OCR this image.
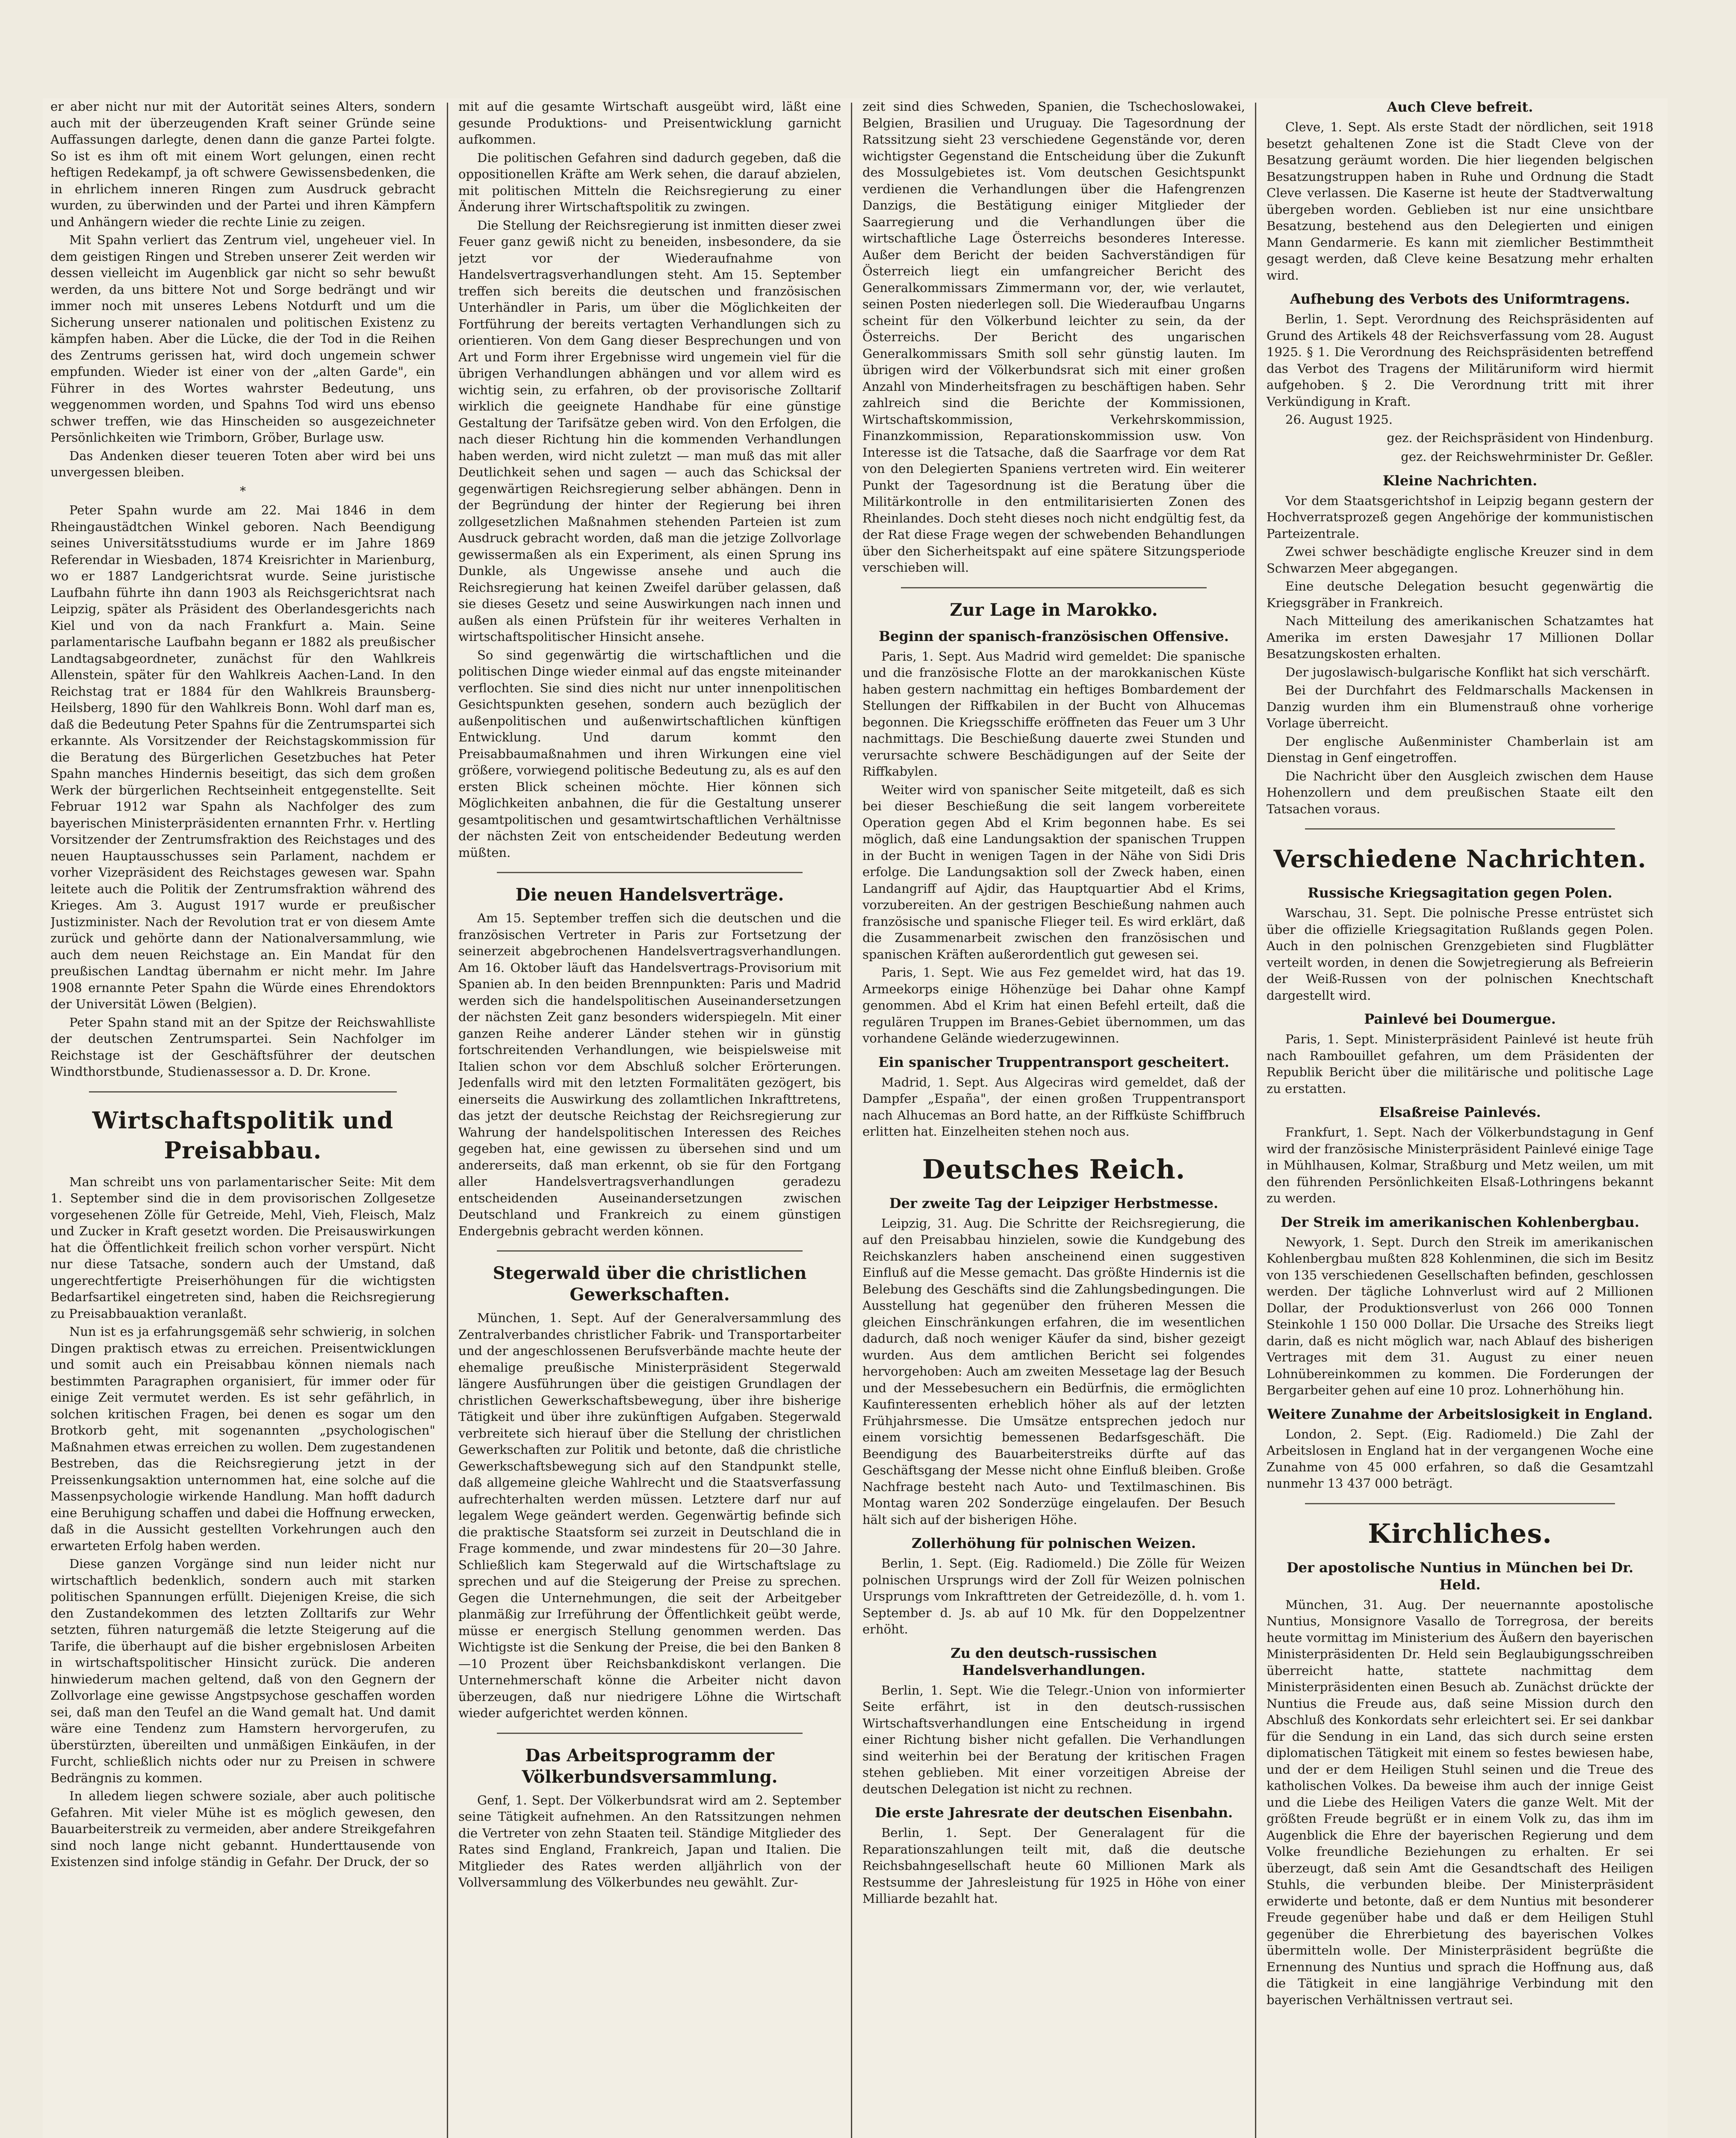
er aber nicht nur mit der Autorität seines Alters, sondern auch mit der überzeugenden Kraft seiner Gründe seine Auffassungen darlegte, denen dann die ganze Partei folgte. So ist es ihm oft mit einem Wort gelungen, einen recht heftigen Redekampf, ja oft schwere Gewissensbedenken, die in ehrlichem inneren Ringen zum Ausdruck gebracht wurden, zu überwinden und der Partei und ihren Kämpfern und Anhängern wieder die rechte Linie zu zeigen.

Mit Spahn verliert das Zentrum viel, ungeheuer viel. In dem geistigen Ringen und Streben unserer Zeit werden wir dessen vielleicht im Augenblick gar nicht so sehr bewußt werden, da uns bittere Not und Sorge bedrängt und wir immer noch mit unseres Lebens Notdurft und um die Sicherung unserer nationalen und politischen Existenz zu kämpfen haben. Aber die Lücke, die der Tod in die Reihen des Zentrums gerissen hat, wird doch ungemein schwer empfunden. Wieder ist einer von der „alten Garde", ein Führer in des Wortes wahrster Bedeutung, uns weggenommen worden, und Spahns Tod wird uns ebenso schwer treffen, wie das Hinscheiden so ausgezeichneter Persönlichkeiten wie Trimborn, Gröber, Burlage usw.

Das Andenken dieser teueren Toten aber wird bei uns unvergessen bleiben.

*

Peter Spahn wurde am 22. Mai 1846 in dem Rheingaustädtchen Winkel geboren. Nach Beendigung seines Universitätsstudiums wurde er im Jahre 1869 Referendar in Wiesbaden, 1874 Kreisrichter in Marienburg, wo er 1887 Landgerichtsrat wurde. Seine juristische Laufbahn führte ihn dann 1903 als Reichsgerichtsrat nach Leipzig, später als Präsident des Oberlandesgerichts nach Kiel und von da nach Frankfurt a. Main. Seine parlamentarische Laufbahn begann er 1882 als preußischer Landtagsabgeordneter, zunächst für den Wahlkreis Allenstein, später für den Wahlkreis Aachen-Land. In den Reichstag trat er 1884 für den Wahlkreis Braunsberg-Heilsberg, 1890 für den Wahlkreis Bonn. Wohl darf man es, daß die Bedeutung Peter Spahns für die Zentrumspartei sich erkannte. Als Vorsitzender der Reichstagskommission für die Beratung des Bürgerlichen Gesetzbuches hat Peter Spahn manches Hindernis beseitigt, das sich dem großen Werk der bürgerlichen Rechtseinheit entgegenstellte. Seit Februar 1912 war Spahn als Nachfolger des zum bayerischen Ministerpräsidenten ernannten Frhr. v. Hertling Vorsitzender der Zentrumsfraktion des Reichstages und des neuen Hauptausschusses sein Parlament, nachdem er vorher Vizepräsident des Reichstages gewesen war. Spahn leitete auch die Politik der Zentrumsfraktion während des Krieges. Am 3. August 1917 wurde er preußischer Justizminister. Nach der Revolution trat er von diesem Amte zurück und gehörte dann der Nationalversammlung, wie auch dem neuen Reichstage an. Ein Mandat für den preußischen Landtag übernahm er nicht mehr. Im Jahre 1908 ernannte Peter Spahn die Würde eines Ehrendoktors der Universität Löwen (Belgien).

Peter Spahn stand mit an der Spitze der Reichswahlliste der deutschen Zentrumspartei. Sein Nachfolger im Reichstage ist der Geschäftsführer der deutschen Windthorstbunde, Studienassessor a. D. Dr. Krone.

Wirtschaftspolitik und Preisabbau.

Man schreibt uns von parlamentarischer Seite: Mit dem 1. September sind die in dem provisorischen Zollgesetze vorgesehenen Zölle für Getreide, Mehl, Vieh, Fleisch, Malz und Zucker in Kraft gesetzt worden. Die Preisauswirkungen hat die Öffentlichkeit freilich schon vorher verspürt. Nicht nur diese Tatsache, sondern auch der Umstand, daß ungerechtfertigte Preiserhöhungen für die wichtigsten Bedarfsartikel eingetreten sind, haben die Reichsregierung zu Preisabbauaktion veranlaßt.

Nun ist es ja erfahrungsgemäß sehr schwierig, in solchen Dingen praktisch etwas zu erreichen. Preisentwicklungen und somit auch ein Preisabbau können niemals nach bestimmten Paragraphen organisiert, für immer oder für einige Zeit vermutet werden. Es ist sehr gefährlich, in solchen kritischen Fragen, bei denen es sogar um den Brotkorb geht, mit sogenannten „psychologischen" Maßnahmen etwas erreichen zu wollen. Dem zugestandenen Bestreben, das die Reichsregierung jetzt in der Preissenkungsaktion unternommen hat, eine solche auf die Massenpsychologie wirkende Handlung. Man hofft dadurch eine Beruhigung schaffen und dabei die Hoffnung erwecken, daß in die Aussicht gestellten Vorkehrungen auch den erwarteten Erfolg haben werden.

Diese ganzen Vorgänge sind nun leider nicht nur wirtschaftlich bedenklich, sondern auch mit starken politischen Spannungen erfüllt. Diejenigen Kreise, die sich den Zustandekommen des letzten Zolltarifs zur Wehr setzten, führen naturgemäß die letzte Steigerung auf die Tarife, die überhaupt auf die bisher ergebnislosen Arbeiten in wirtschaftspolitischer Hinsicht zurück. Die anderen hinwiederum machen geltend, daß von den Gegnern der Zollvorlage eine gewisse Angstpsychose geschaffen worden sei, daß man den Teufel an die Wand gemalt hat. Und damit wäre eine Tendenz zum Hamstern hervorgerufen, zu überstürzten, übereilten und unmäßigen Einkäufen, in der Furcht, schließlich nichts oder nur zu Preisen in schwere Bedrängnis zu kommen.

In alledem liegen schwere soziale, aber auch politische Gefahren. Mit vieler Mühe ist es möglich gewesen, den Bauarbeiterstreik zu vermeiden, aber andere Streikgefahren sind noch lange nicht gebannt. Hunderttausende von Existenzen sind infolge ständig in Gefahr. Der Druck, der so

mit auf die gesamte Wirtschaft ausgeübt wird, läßt eine gesunde Produktions- und Preisentwicklung garnicht aufkommen.

Die politischen Gefahren sind dadurch gegeben, daß die oppositionellen Kräfte am Werk sehen, die darauf abzielen, mit politischen Mitteln die Reichsregierung zu einer Änderung ihrer Wirtschaftspolitik zu zwingen.

Die Stellung der Reichsregierung ist inmitten dieser zwei Feuer ganz gewiß nicht zu beneiden, insbesondere, da sie jetzt vor der Wiederaufnahme von Handelsvertragsverhandlungen steht. Am 15. September treffen sich bereits die deutschen und französischen Unterhändler in Paris, um über die Möglichkeiten der Fortführung der bereits vertagten Verhandlungen sich zu orientieren. Von dem Gang dieser Besprechungen und von Art und Form ihrer Ergebnisse wird ungemein viel für die übrigen Verhandlungen abhängen und vor allem wird es wichtig sein, zu erfahren, ob der provisorische Zolltarif wirklich die geeignete Handhabe für eine günstige Gestaltung der Tarifsätze geben wird. Von den Erfolgen, die nach dieser Richtung hin die kommenden Verhandlungen haben werden, wird nicht zuletzt — man muß das mit aller Deutlichkeit sehen und sagen — auch das Schicksal der gegenwärtigen Reichsregierung selber abhängen. Denn in der Begründung der hinter der Regierung bei ihren zollgesetzlichen Maßnahmen stehenden Parteien ist zum Ausdruck gebracht worden, daß man die jetzige Zollvorlage gewissermaßen als ein Experiment, als einen Sprung ins Dunkle, als Ungewisse ansehe und auch die Reichsregierung hat keinen Zweifel darüber gelassen, daß sie dieses Gesetz und seine Auswirkungen nach innen und außen als einen Prüfstein für ihr weiteres Verhalten in wirtschaftspolitischer Hinsicht ansehe.

So sind gegenwärtig die wirtschaftlichen und die politischen Dinge wieder einmal auf das engste miteinander verflochten. Sie sind dies nicht nur unter innenpolitischen Gesichtspunkten gesehen, sondern auch bezüglich der außenpolitischen und außenwirtschaftlichen künftigen Entwicklung. Und darum kommt den Preisabbaumaßnahmen und ihren Wirkungen eine viel größere, vorwiegend politische Bedeutung zu, als es auf den ersten Blick scheinen möchte. Hier können sich Möglichkeiten anbahnen, die für die Gestaltung unserer gesamtpolitischen und gesamtwirtschaftlichen Verhältnisse der nächsten Zeit von entscheidender Bedeutung werden müßten.

Die neuen Handelsverträge.

Am 15. September treffen sich die deutschen und die französischen Vertreter in Paris zur Fortsetzung der seinerzeit abgebrochenen Handelsvertragsverhandlungen. Am 16. Oktober läuft das Handelsvertrags-Provisorium mit Spanien ab. In den beiden Brennpunkten: Paris und Madrid werden sich die handelspolitischen Auseinandersetzungen der nächsten Zeit ganz besonders widerspiegeln. Mit einer ganzen Reihe anderer Länder stehen wir in günstig fortschreitenden Verhandlungen, wie beispielsweise mit Italien schon vor dem Abschluß solcher Erörterungen. Jedenfalls wird mit den letzten Formalitäten gezögert, bis einerseits die Auswirkung des zollamtlichen Inkrafttretens, das jetzt der deutsche Reichstag der Reichsregierung zur Wahrung der handelspolitischen Interessen des Reiches gegeben hat, eine gewissen zu übersehen sind und um andererseits, daß man erkennt, ob sie für den Fortgang aller Handelsvertragsverhandlungen geradezu entscheidenden Auseinandersetzungen zwischen Deutschland und Frankreich zu einem günstigen Endergebnis gebracht werden können.

Stegerwald über die christlichen Gewerkschaften.

München, 1. Sept. Auf der Generalversammlung des Zentralverbandes christlicher Fabrik- und Transportarbeiter und der angeschlossenen Berufsverbände machte heute der ehemalige preußische Ministerpräsident Stegerwald längere Ausführungen über die geistigen Grundlagen der christlichen Gewerkschaftsbewegung, über ihre bisherige Tätigkeit und über ihre zukünftigen Aufgaben. Stegerwald verbreitete sich hierauf über die Stellung der christlichen Gewerkschaften zur Politik und betonte, daß die christliche Gewerkschaftsbewegung sich auf den Standpunkt stelle, daß allgemeine gleiche Wahlrecht und die Staatsverfassung aufrechterhalten werden müssen. Letztere darf nur auf legalem Wege geändert werden. Gegenwärtig befinde sich die praktische Staatsform sei zurzeit in Deutschland die in Frage kommende, und zwar mindestens für 20—30 Jahre. Schließlich kam Stegerwald auf die Wirtschaftslage zu sprechen und auf die Steigerung der Preise zu sprechen. Gegen die Unternehmungen, die seit der Arbeitgeber planmäßig zur Irreführung der Öffentlichkeit geübt werde, müsse er energisch Stellung genommen werden. Das Wichtigste ist die Senkung der Preise, die bei den Banken 8—10 Prozent über Reichsbankdiskont verlangen. Die Unternehmerschaft könne die Arbeiter nicht davon überzeugen, daß nur niedrigere Löhne die Wirtschaft wieder aufgerichtet werden können.

Das Arbeitsprogramm der Völkerbundsversammlung.

Genf, 1. Sept. Der Völkerbundsrat wird am 2. September seine Tätigkeit aufnehmen. An den Ratssitzungen nehmen die Vertreter von zehn Staaten teil. Ständige Mitglieder des Rates sind England, Frankreich, Japan und Italien. Die Mitglieder des Rates werden alljährlich von der Vollversammlung des Völkerbundes neu gewählt. Zur-

zeit sind dies Schweden, Spanien, die Tschechoslowakei, Belgien, Brasilien und Uruguay. Die Tagesordnung der Ratssitzung sieht 23 verschiedene Gegenstände vor, deren wichtigster Gegenstand die Entscheidung über die Zukunft des Mossulgebietes ist. Vom deutschen Gesichtspunkt verdienen die Verhandlungen über die Hafengrenzen Danzigs, die Bestätigung einiger Mitglieder der Saarregierung und die Verhandlungen über die wirtschaftliche Lage Österreichs besonderes Interesse. Außer dem Bericht der beiden Sachverständigen für Österreich liegt ein umfangreicher Bericht des Generalkommissars Zimmermann vor, der, wie verlautet, seinen Posten niederlegen soll. Die Wiederaufbau Ungarns scheint für den Völkerbund leichter zu sein, da der Österreichs. Der Bericht des ungarischen Generalkommissars Smith soll sehr günstig lauten. Im übrigen wird der Völkerbundsrat sich mit einer großen Anzahl von Minderheitsfragen zu beschäftigen haben. Sehr zahlreich sind die Berichte der Kommissionen, Wirtschaftskommission, Verkehrskommission, Finanzkommission, Reparationskommission usw. Von Interesse ist die Tatsache, daß die Saarfrage vor dem Rat von den Delegierten Spaniens vertreten wird. Ein weiterer Punkt der Tagesordnung ist die Beratung über die Militärkontrolle in den entmilitarisierten Zonen des Rheinlandes. Doch steht dieses noch nicht endgültig fest, da der Rat diese Frage wegen der schwebenden Behandlungen über den Sicherheitspakt auf eine spätere Sitzungsperiode verschieben will.

Zur Lage in Marokko.
Beginn der spanisch-französischen Offensive.

Paris, 1. Sept. Aus Madrid wird gemeldet: Die spanische und die französische Flotte an der marokkanischen Küste haben gestern nachmittag ein heftiges Bombardement der Stellungen der Riffkabilen in der Bucht von Alhucemas begonnen. Die Kriegsschiffe eröffneten das Feuer um 3 Uhr nachmittags. Die Beschießung dauerte zwei Stunden und verursachte schwere Beschädigungen auf der Seite der Riffkabylen.

Weiter wird von spanischer Seite mitgeteilt, daß es sich bei dieser Beschießung die seit langem vorbereitete Operation gegen Abd el Krim begonnen habe. Es sei möglich, daß eine Landungsaktion der spanischen Truppen in der Bucht in wenigen Tagen in der Nähe von Sidi Dris erfolge. Die Landungsaktion soll der Zweck haben, einen Landangriff auf Ajdir, das Hauptquartier Abd el Krims, vorzubereiten. An der gestrigen Beschießung nahmen auch französische und spanische Flieger teil. Es wird erklärt, daß die Zusammenarbeit zwischen den französischen und spanischen Kräften außerordentlich gut gewesen sei.

Paris, 1. Sept. Wie aus Fez gemeldet wird, hat das 19. Armeekorps einige Höhenzüge bei Dahar ohne Kampf genommen. Abd el Krim hat einen Befehl erteilt, daß die regulären Truppen im Branes-Gebiet übernommen, um das vorhandene Gelände wiederzugewinnen.

Ein spanischer Truppentransport gescheitert.

Madrid, 1. Sept. Aus Algeciras wird gemeldet, daß der Dampfer „España", der einen großen Truppentransport nach Alhucemas an Bord hatte, an der Riffküste Schiffbruch erlitten hat. Einzelheiten stehen noch aus.

Deutsches Reich.
Der zweite Tag der Leipziger Herbstmesse.

Leipzig, 31. Aug. Die Schritte der Reichsregierung, die auf den Preisabbau hinzielen, sowie die Kundgebung des Reichskanzlers haben anscheinend einen suggestiven Einfluß auf die Messe gemacht. Das größte Hindernis ist die Belebung des Geschäfts sind die Zahlungsbedingungen. Die Ausstellung hat gegenüber den früheren Messen die gleichen Einschränkungen erfahren, die im wesentlichen dadurch, daß noch weniger Käufer da sind, bisher gezeigt wurden. Aus dem amtlichen Bericht sei folgendes hervorgehoben: Auch am zweiten Messetage lag der Besuch und der Messebesuchern ein Bedürfnis, die ermöglichten Kaufinteressenten erheblich höher als auf der letzten Frühjahrsmesse. Die Umsätze entsprechen jedoch nur einem vorsichtig bemessenen Bedarfsgeschäft. Die Beendigung des Bauarbeiterstreiks dürfte auf das Geschäftsgang der Messe nicht ohne Einfluß bleiben. Große Nachfrage besteht nach Auto- und Textilmaschinen. Bis Montag waren 202 Sonderzüge eingelaufen. Der Besuch hält sich auf der bisherigen Höhe.

Zollerhöhung für polnischen Weizen.

Berlin, 1. Sept. (Eig. Radiomeld.) Die Zölle für Weizen polnischen Ursprungs wird der Zoll für Weizen polnischen Ursprungs vom Inkrafttreten der Getreidezölle, d. h. vom 1. September d. Js. ab auf 10 Mk. für den Doppelzentner erhöht.

Zu den deutsch-russischen Handelsverhandlungen.

Berlin, 1. Sept. Wie die Telegr.-Union von informierter Seite erfährt, ist in den deutsch-russischen Wirtschaftsverhandlungen eine Entscheidung in irgend einer Richtung bisher nicht gefallen. Die Verhandlungen sind weiterhin bei der Beratung der kritischen Fragen stehen geblieben. Mit einer vorzeitigen Abreise der deutschen Delegation ist nicht zu rechnen.

Die erste Jahresrate der deutschen Eisenbahn.

Berlin, 1. Sept. Der Generalagent für die Reparationszahlungen teilt mit, daß die deutsche Reichsbahngesellschaft heute 60 Millionen Mark als Restsumme der Jahresleistung für 1925 in Höhe von einer Milliarde bezahlt hat.

Auch Cleve befreit.

Cleve, 1. Sept. Als erste Stadt der nördlichen, seit 1918 besetzt gehaltenen Zone ist die Stadt Cleve von der Besatzung geräumt worden. Die hier liegenden belgischen Besatzungstruppen haben in Ruhe und Ordnung die Stadt Cleve verlassen. Die Kaserne ist heute der Stadtverwaltung übergeben worden. Geblieben ist nur eine unsichtbare Besatzung, bestehend aus den Delegierten und einigen Mann Gendarmerie. Es kann mit ziemlicher Bestimmtheit gesagt werden, daß Cleve keine Besatzung mehr erhalten wird.

Aufhebung des Verbots des Uniformtragens.

Berlin, 1. Sept. Verordnung des Reichspräsidenten auf Grund des Artikels 48 der Reichsverfassung vom 28. August 1925. § 1. Die Verordnung des Reichspräsidenten betreffend das Verbot des Tragens der Militäruniform wird hiermit aufgehoben. § 2. Die Verordnung tritt mit ihrer Verkündigung in Kraft.

26. August 1925.

gez. der Reichspräsident von Hindenburg.
gez. der Reichswehrminister Dr. Geßler.
Kleine Nachrichten.

Vor dem Staatsgerichtshof in Leipzig begann gestern der Hochverratsprozeß gegen Angehörige der kommunistischen Parteizentrale.

Zwei schwer beschädigte englische Kreuzer sind in dem Schwarzen Meer abgegangen.

Eine deutsche Delegation besucht gegenwärtig die Kriegsgräber in Frankreich.

Nach Mitteilung des amerikanischen Schatzamtes hat Amerika im ersten Dawesjahr 17 Millionen Dollar Besatzungskosten erhalten.

Der jugoslawisch-bulgarische Konflikt hat sich verschärft.

Bei der Durchfahrt des Feldmarschalls Mackensen in Danzig wurden ihm ein Blumenstrauß ohne vorherige Vorlage überreicht.

Der englische Außenminister Chamberlain ist am Dienstag in Genf eingetroffen.

Die Nachricht über den Ausgleich zwischen dem Hause Hohenzollern und dem preußischen Staate eilt den Tatsachen voraus.

Verschiedene Nachrichten.
Russische Kriegsagitation gegen Polen.

Warschau, 31. Sept. Die polnische Presse entrüstet sich über die offizielle Kriegsagitation Rußlands gegen Polen. Auch in den polnischen Grenzgebieten sind Flugblätter verteilt worden, in denen die Sowjetregierung als Befreierin der Weiß-Russen von der polnischen Knechtschaft dargestellt wird.

Painlevé bei Doumergue.

Paris, 1. Sept. Ministerpräsident Painlevé ist heute früh nach Rambouillet gefahren, um dem Präsidenten der Republik Bericht über die militärische und politische Lage zu erstatten.

Elsaßreise Painlevés.

Frankfurt, 1. Sept. Nach der Völkerbundstagung in Genf wird der französische Ministerpräsident Painlevé einige Tage in Mühlhausen, Kolmar, Straßburg und Metz weilen, um mit den führenden Persönlichkeiten Elsaß-Lothringens bekannt zu werden.

Der Streik im amerikanischen Kohlenbergbau.

Newyork, 1. Sept. Durch den Streik im amerikanischen Kohlenbergbau mußten 828 Kohlenminen, die sich im Besitz von 135 verschiedenen Gesellschaften befinden, geschlossen werden. Der tägliche Lohnverlust wird auf 2 Millionen Dollar, der Produktionsverlust von 266 000 Tonnen Steinkohle 1 150 000 Dollar. Die Ursache des Streiks liegt darin, daß es nicht möglich war, nach Ablauf des bisherigen Vertrages mit dem 31. August zu einer neuen Lohnübereinkommen zu kommen. Die Forderungen der Bergarbeiter gehen auf eine 10 proz. Lohnerhöhung hin.

Weitere Zunahme der Arbeitslosigkeit in England.

London, 2. Sept. (Eig. Radiomeld.) Die Zahl der Arbeitslosen in England hat in der vergangenen Woche eine Zunahme von 45 000 erfahren, so daß die Gesamtzahl nunmehr 13 437 000 beträgt.

Kirchliches.
Der apostolische Nuntius in München bei Dr. Held.

München, 31. Aug. Der neuernannte apostolische Nuntius, Monsignore Vasallo de Torregrosa, der bereits heute vormittag im Ministerium des Äußern den bayerischen Ministerpräsidenten Dr. Held sein Beglaubigungsschreiben überreicht hatte, stattete nachmittag dem Ministerpräsidenten einen Besuch ab. Zunächst drückte der Nuntius die Freude aus, daß seine Mission durch den Abschluß des Konkordats sehr erleichtert sei. Er sei dankbar für die Sendung in ein Land, das sich durch seine ersten diplomatischen Tätigkeit mit einem so festes bewiesen habe, und der er dem Heiligen Stuhl seinen und die Treue des katholischen Volkes. Da beweise ihm auch der innige Geist und die Liebe des Heiligen Vaters die ganze Welt. Mit der größten Freude begrüßt er in einem Volk zu, das ihm im Augenblick die Ehre der bayerischen Regierung und dem Volke freundliche Beziehungen zu erhalten. Er sei überzeugt, daß sein Amt die Gesandtschaft des Heiligen Stuhls, die verbunden bleibe. Der Ministerpräsident erwiderte und betonte, daß er dem Nuntius mit besonderer Freude gegenüber habe und daß er dem Heiligen Stuhl gegenüber die Ehrerbietung des bayerischen Volkes übermitteln wolle. Der Ministerpräsident begrüßte die Ernennung des Nuntius und sprach die Hoffnung aus, daß die Tätigkeit in eine langjährige Verbindung mit den bayerischen Verhältnissen vertraut sei.
